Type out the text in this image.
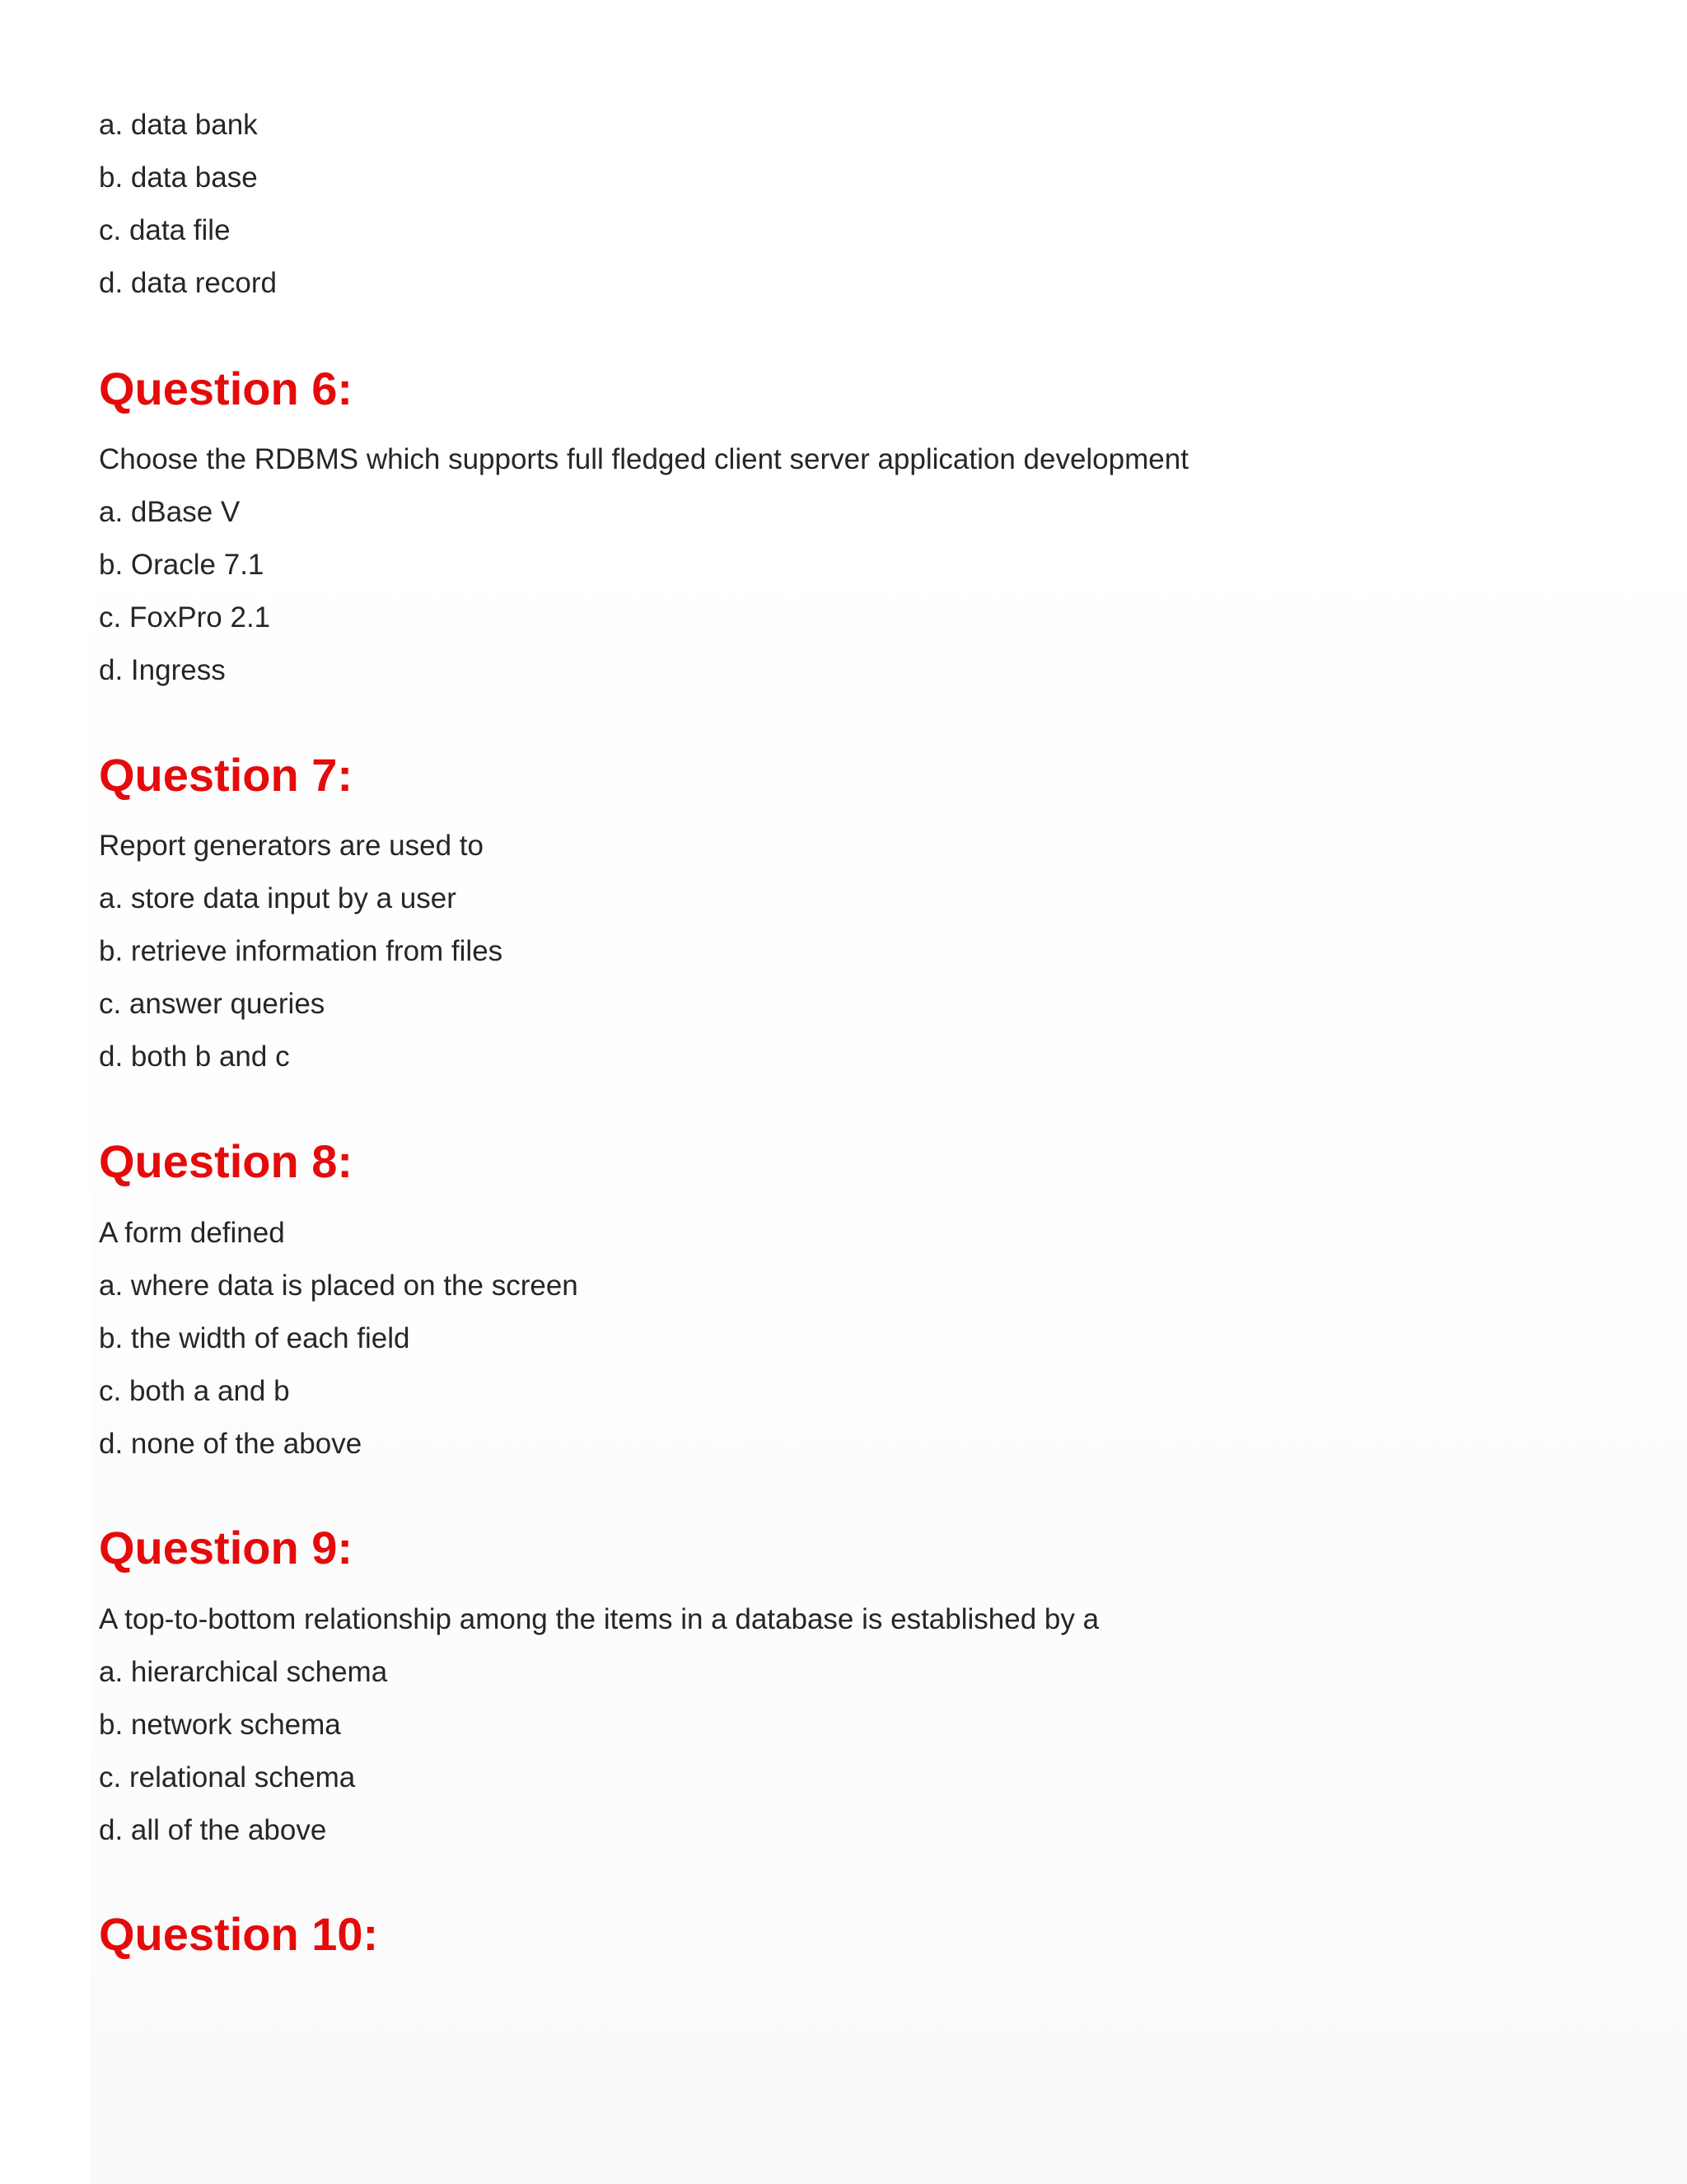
a. data bank
b. data base
c. data file
d. data record
Question 6:
Choose the RDBMS which supports full fledged client server application development
a. dBase V
b. Oracle 7.1
c. FoxPro 2.1
d. Ingress
Question 7:
Report generators are used to
a. store data input by a user
b. retrieve information from files
c. answer queries
d. both b and c
Question 8:
A form defined
a. where data is placed on the screen
b. the width of each field
c. both a and b
d. none of the above
Question 9:
A top-to-bottom relationship among the items in a database is established by a
a. hierarchical schema
b. network schema
c. relational schema
d. all of the above
Question 10:
